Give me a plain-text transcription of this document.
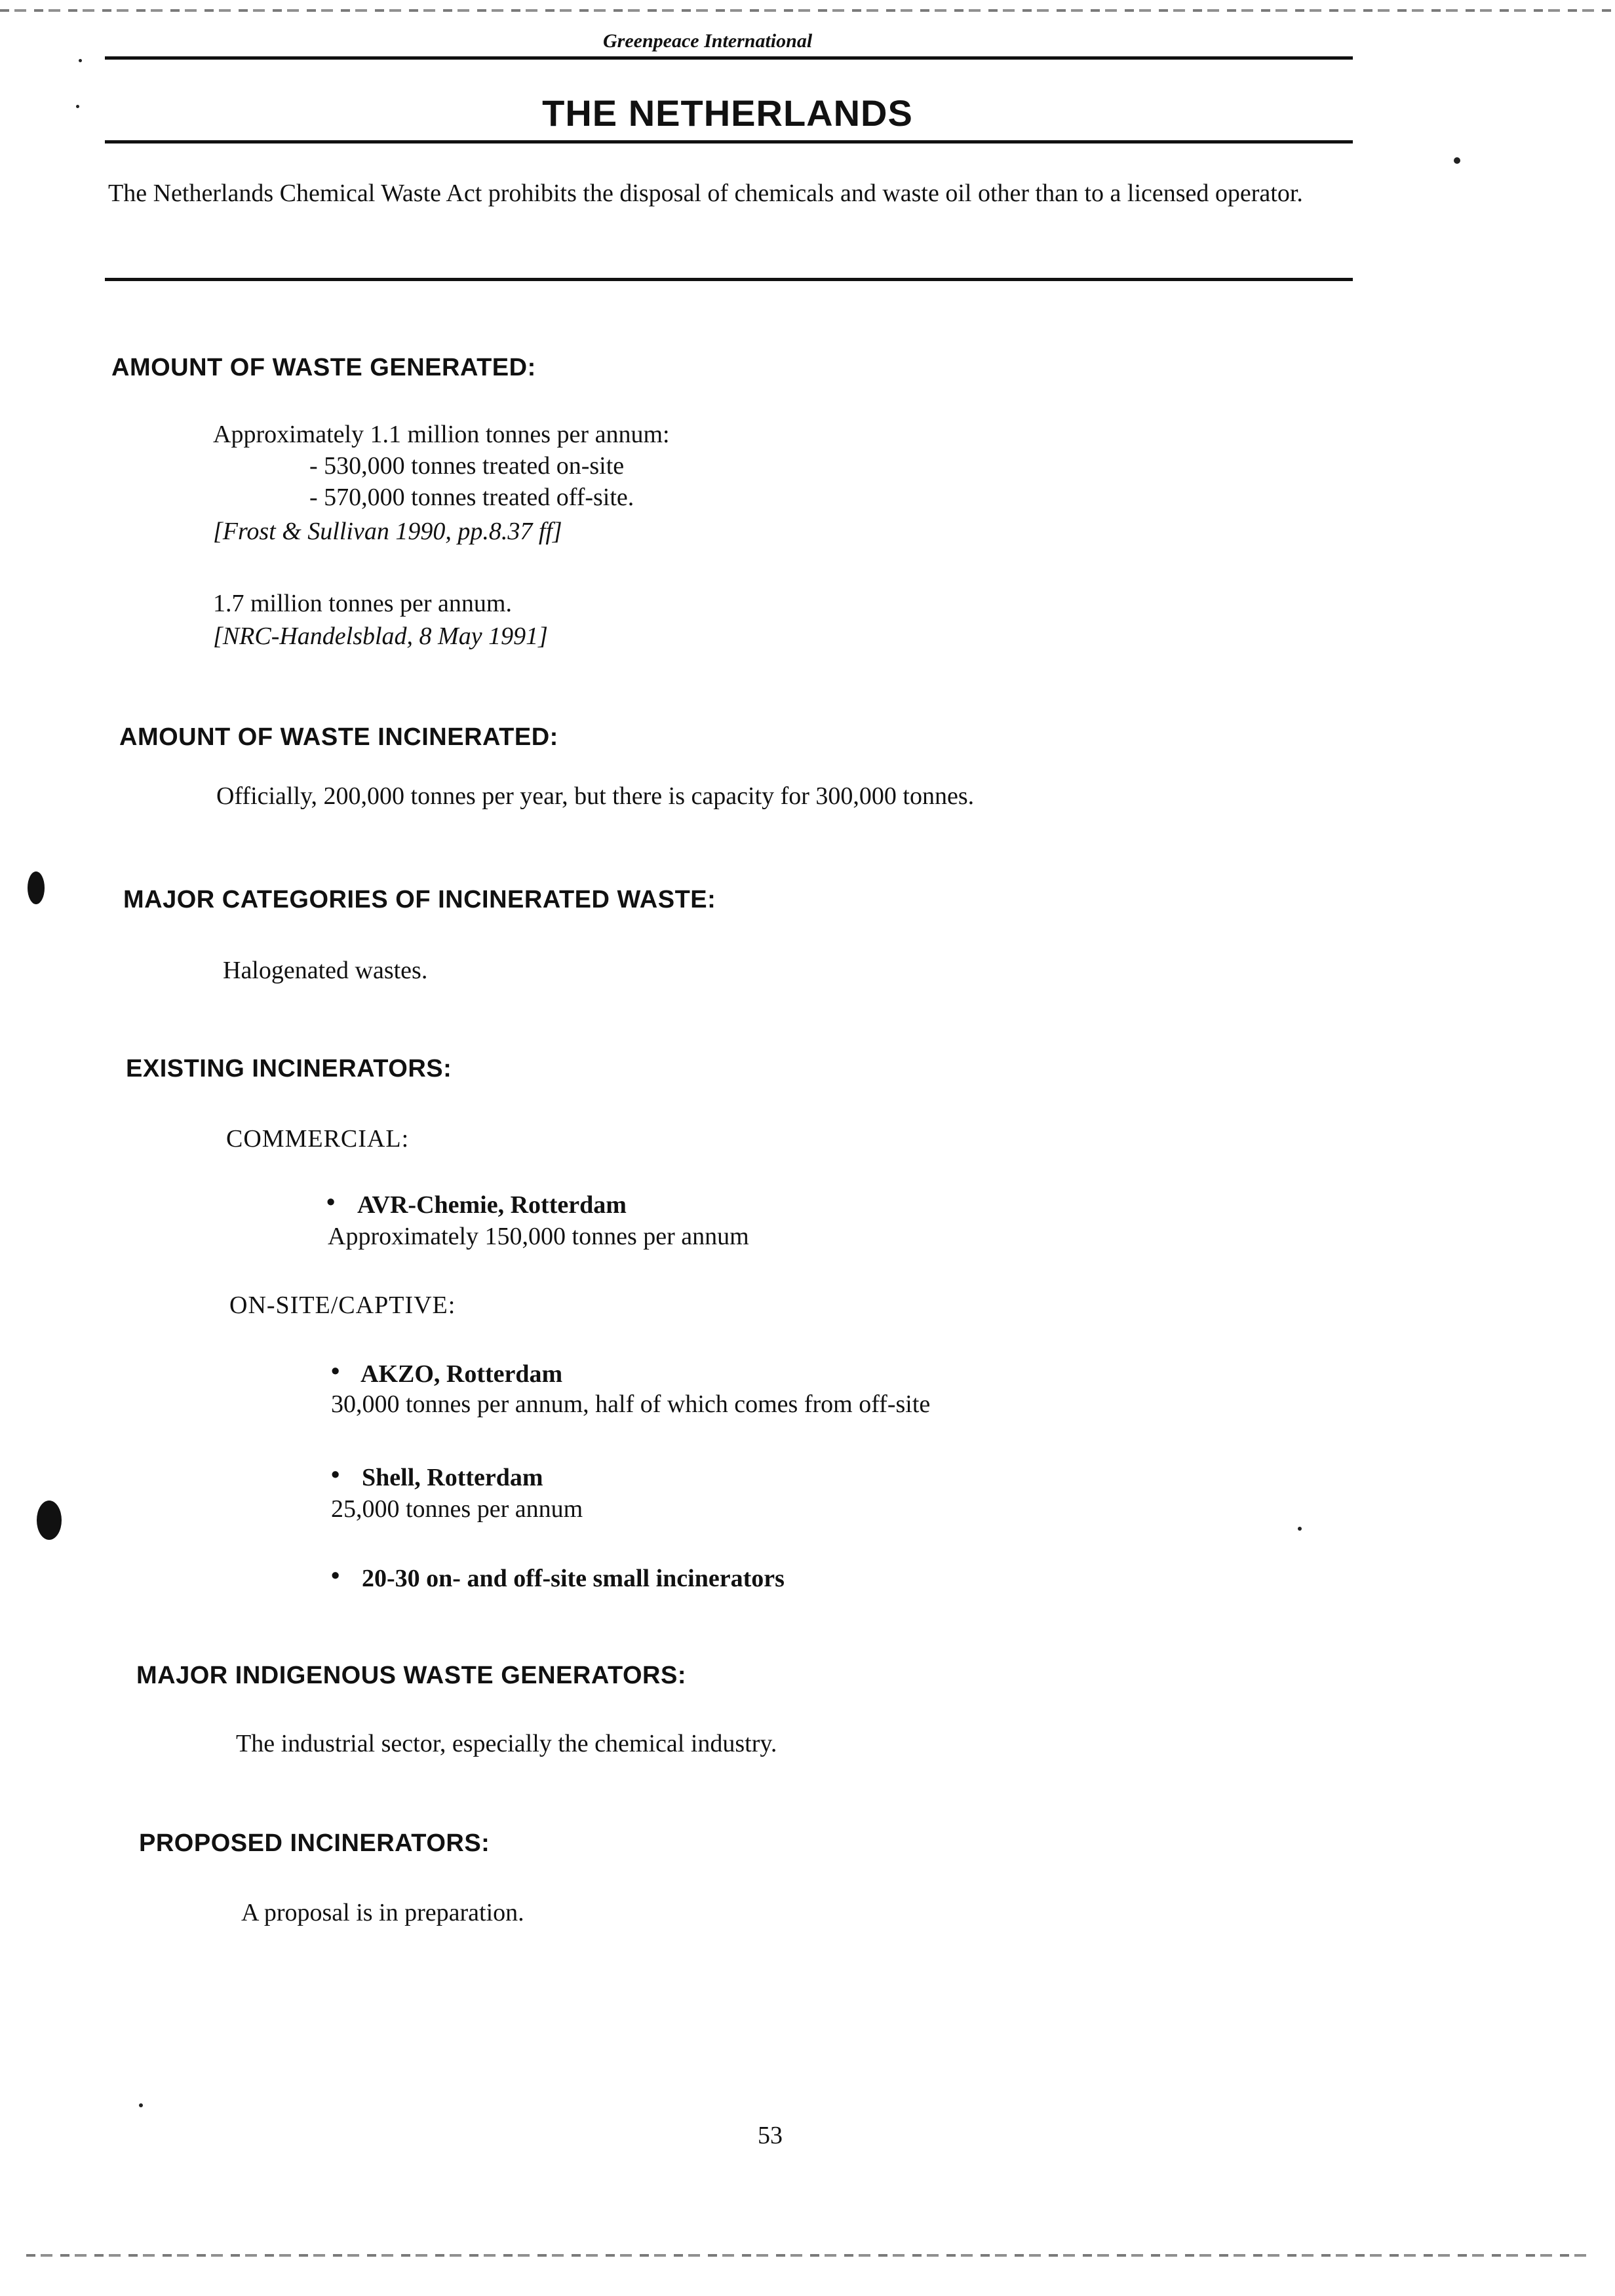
Greenpeace International
THE NETHERLANDS
The Netherlands Chemical Waste Act prohibits the disposal of chemicals and waste oil other than to a licensed operator.
AMOUNT OF WASTE GENERATED:
Approximately 1.1 million tonnes per annum:
- 530,000 tonnes treated on-site
- 570,000 tonnes treated off-site.
[Frost & Sullivan 1990, pp.8.37 ff]
1.7 million tonnes per annum.
[NRC-Handelsblad, 8 May 1991]
AMOUNT OF WASTE INCINERATED:
Officially, 200,000 tonnes per year, but there is capacity for 300,000 tonnes.
MAJOR CATEGORIES OF INCINERATED WASTE:
Halogenated wastes.
EXISTING INCINERATORS:
COMMERCIAL:
• AVR-Chemie, Rotterdam
Approximately 150,000 tonnes per annum
ON-SITE/CAPTIVE:
• AKZO, Rotterdam
30,000 tonnes per annum, half of which comes from off-site
• Shell, Rotterdam
25,000 tonnes per annum
• 20-30 on- and off-site small incinerators
MAJOR INDIGENOUS WASTE GENERATORS:
The industrial sector, especially the chemical industry.
PROPOSED INCINERATORS:
A proposal is in preparation.
53
